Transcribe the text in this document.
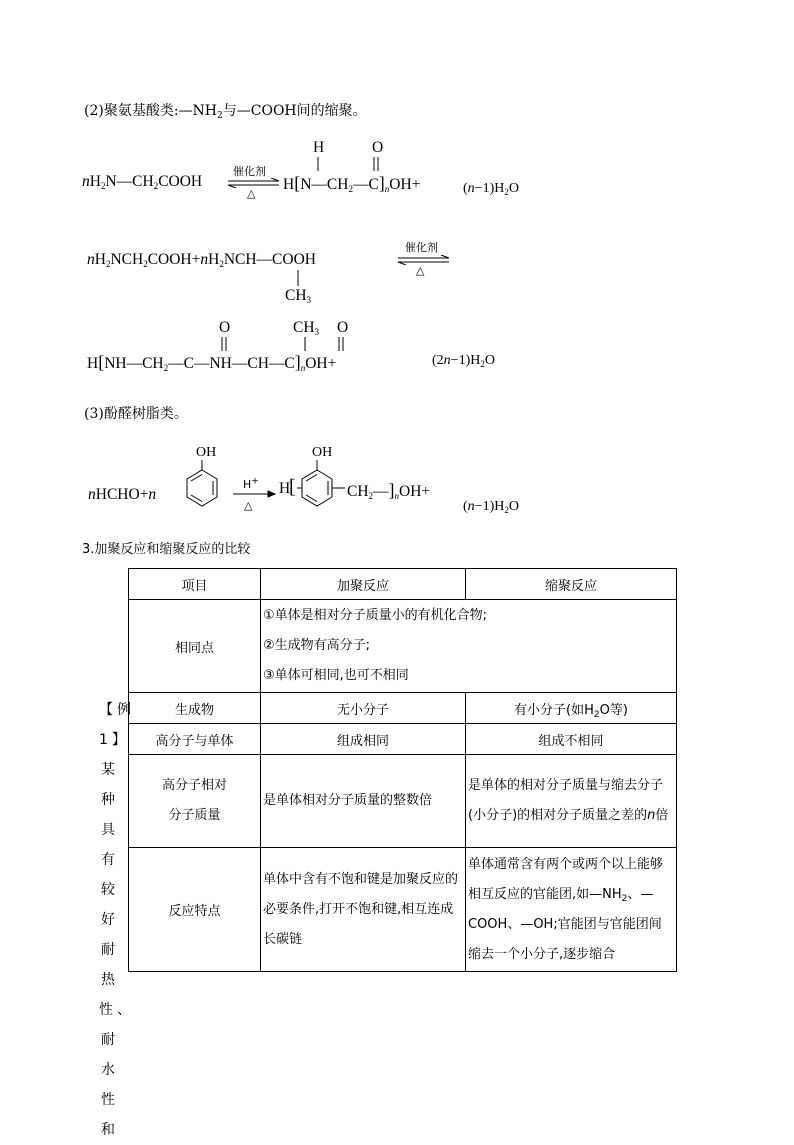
(2)聚氨基酸类$:—NH_2$与—COOH间的缩聚。
$nH_2N—CH_2COOH$
催化剂
△
H	O
$H[N—CH_2—C]_nOH+$	$(n-1)H_2O$
$nH_2NCH_2COOH+nH_2NCH—COOH$
$CH_3$
催化剂
△
O	$CH_3$ O
$H[NH—CH_2—C—NH—CH—C]_nOH+$	$(2n-1)H_2O$
(3)酚醛树脂类。
OH
nHCHO+n
H+
△
H
[
OH
$CH_2—]_nOH+$
$(n-1)H_2O$
3.加聚反应和缩聚反应的比较
项目	加聚反应	缩聚反应
相同点	①单体是相对分子质量小的有机化合物;
②生成物有高分子;
③单体可相同,也可不相同	

生成物	无小分子	有小分子(如$H_2O$等)
高分子与单体	组成相同	组成不相同
高分子相对
分子质量	是单体相对分子质量的整数倍	是单体的相对分子质量与缩去分子(小分子)的相对分子质量之差的n倍
反应特点	单体中含有不饱和键是加聚反应的必要条件,打开不饱和键,相互连成长碳链	单体通常含有两个或两个以上能够相互反应的官能团,如$—NH_2$、—COOH、—OH;官能团与官能团间缩去一个小分子,逐步缩合
【例
1】某
种具
有较
好耐
热
性、
耐水
性和
